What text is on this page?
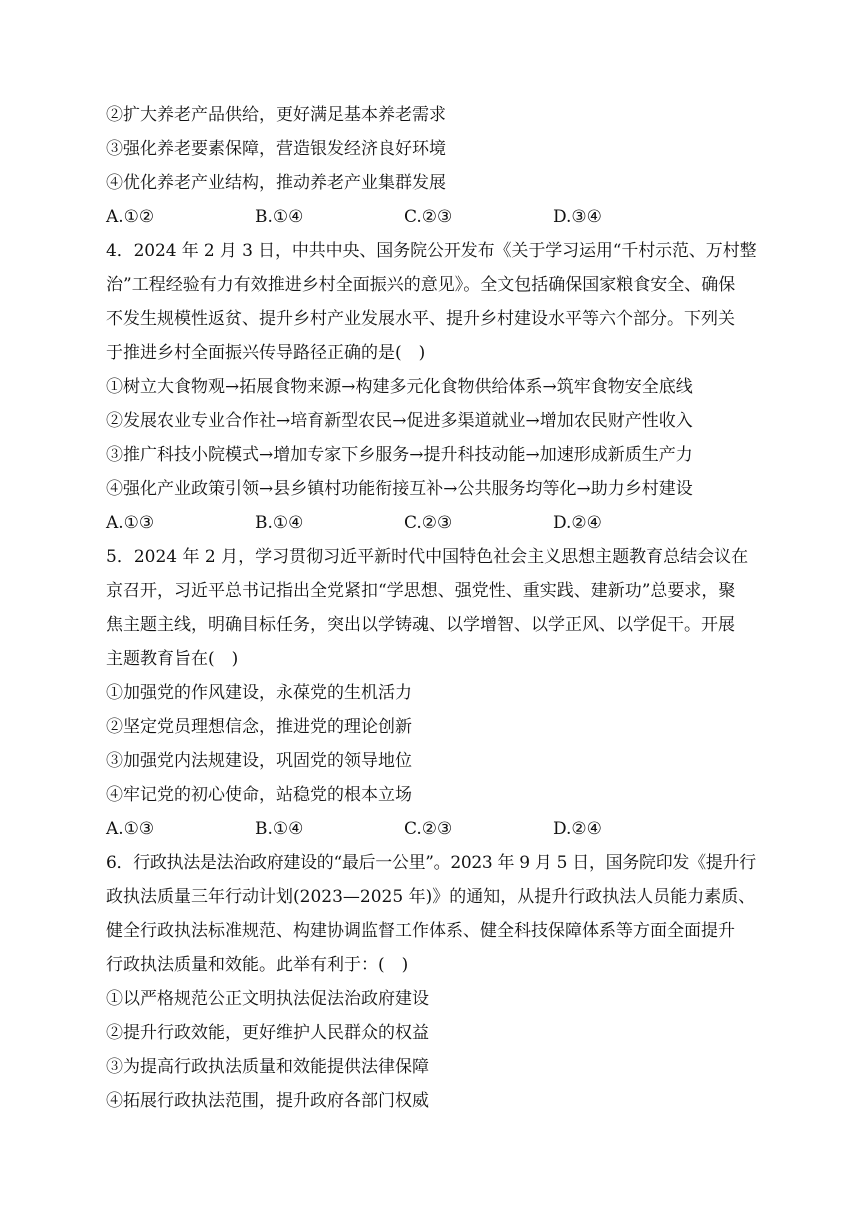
②扩大养老产品供给，更好满足基本养老需求
③强化养老要素保障，营造银发经济良好环境
④优化养老产业结构，推动养老产业集群发展
A.①②	B.①④	C.②③	D.③④
4．2024 年 2 月 3 日，中共中央、国务院公开发布《关于学习运用“千村示范、万村整
治”工程经验有力有效推进乡村全面振兴的意见》。全文包括确保国家粮食安全、确保
不发生规模性返贫、提升乡村产业发展水平、提升乡村建设水平等六个部分。下列关
于推进乡村全面振兴传导路径正确的是(　)
①树立大食物观→拓展食物来源→构建多元化食物供给体系→筑牢食物安全底线
②发展农业专业合作社→培育新型农民→促进多渠道就业→增加农民财产性收入
③推广科技小院模式→增加专家下乡服务→提升科技动能→加速形成新质生产力
④强化产业政策引领→县乡镇村功能衔接互补→公共服务均等化→助力乡村建设
A.①③	B.①④	C.②③	D.②④
5．2024 年 2 月，学习贯彻习近平新时代中国特色社会主义思想主题教育总结会议在
京召开，习近平总书记指出全党紧扣“学思想、强党性、重实践、建新功”总要求，聚
焦主题主线，明确目标任务，突出以学铸魂、以学增智、以学正风、以学促干。开展
主题教育旨在(　)
①加强党的作风建设，永葆党的生机活力
②坚定党员理想信念，推进党的理论创新
③加强党内法规建设，巩固党的领导地位
④牢记党的初心使命，站稳党的根本立场
A.①③	B.①④	C.②③	D.②④
6．行政执法是法治政府建设的“最后一公里”。2023 年 9 月 5 日，国务院印发《提升行
政执法质量三年行动计划(2023—2025 年)》的通知，从提升行政执法人员能力素质、
健全行政执法标准规范、构建协调监督工作体系、健全科技保障体系等方面全面提升
行政执法质量和效能。此举有利于：(　)
①以严格规范公正文明执法促法治政府建设
②提升行政效能，更好维护人民群众的权益
③为提高行政执法质量和效能提供法律保障
④拓展行政执法范围，提升政府各部门权威
